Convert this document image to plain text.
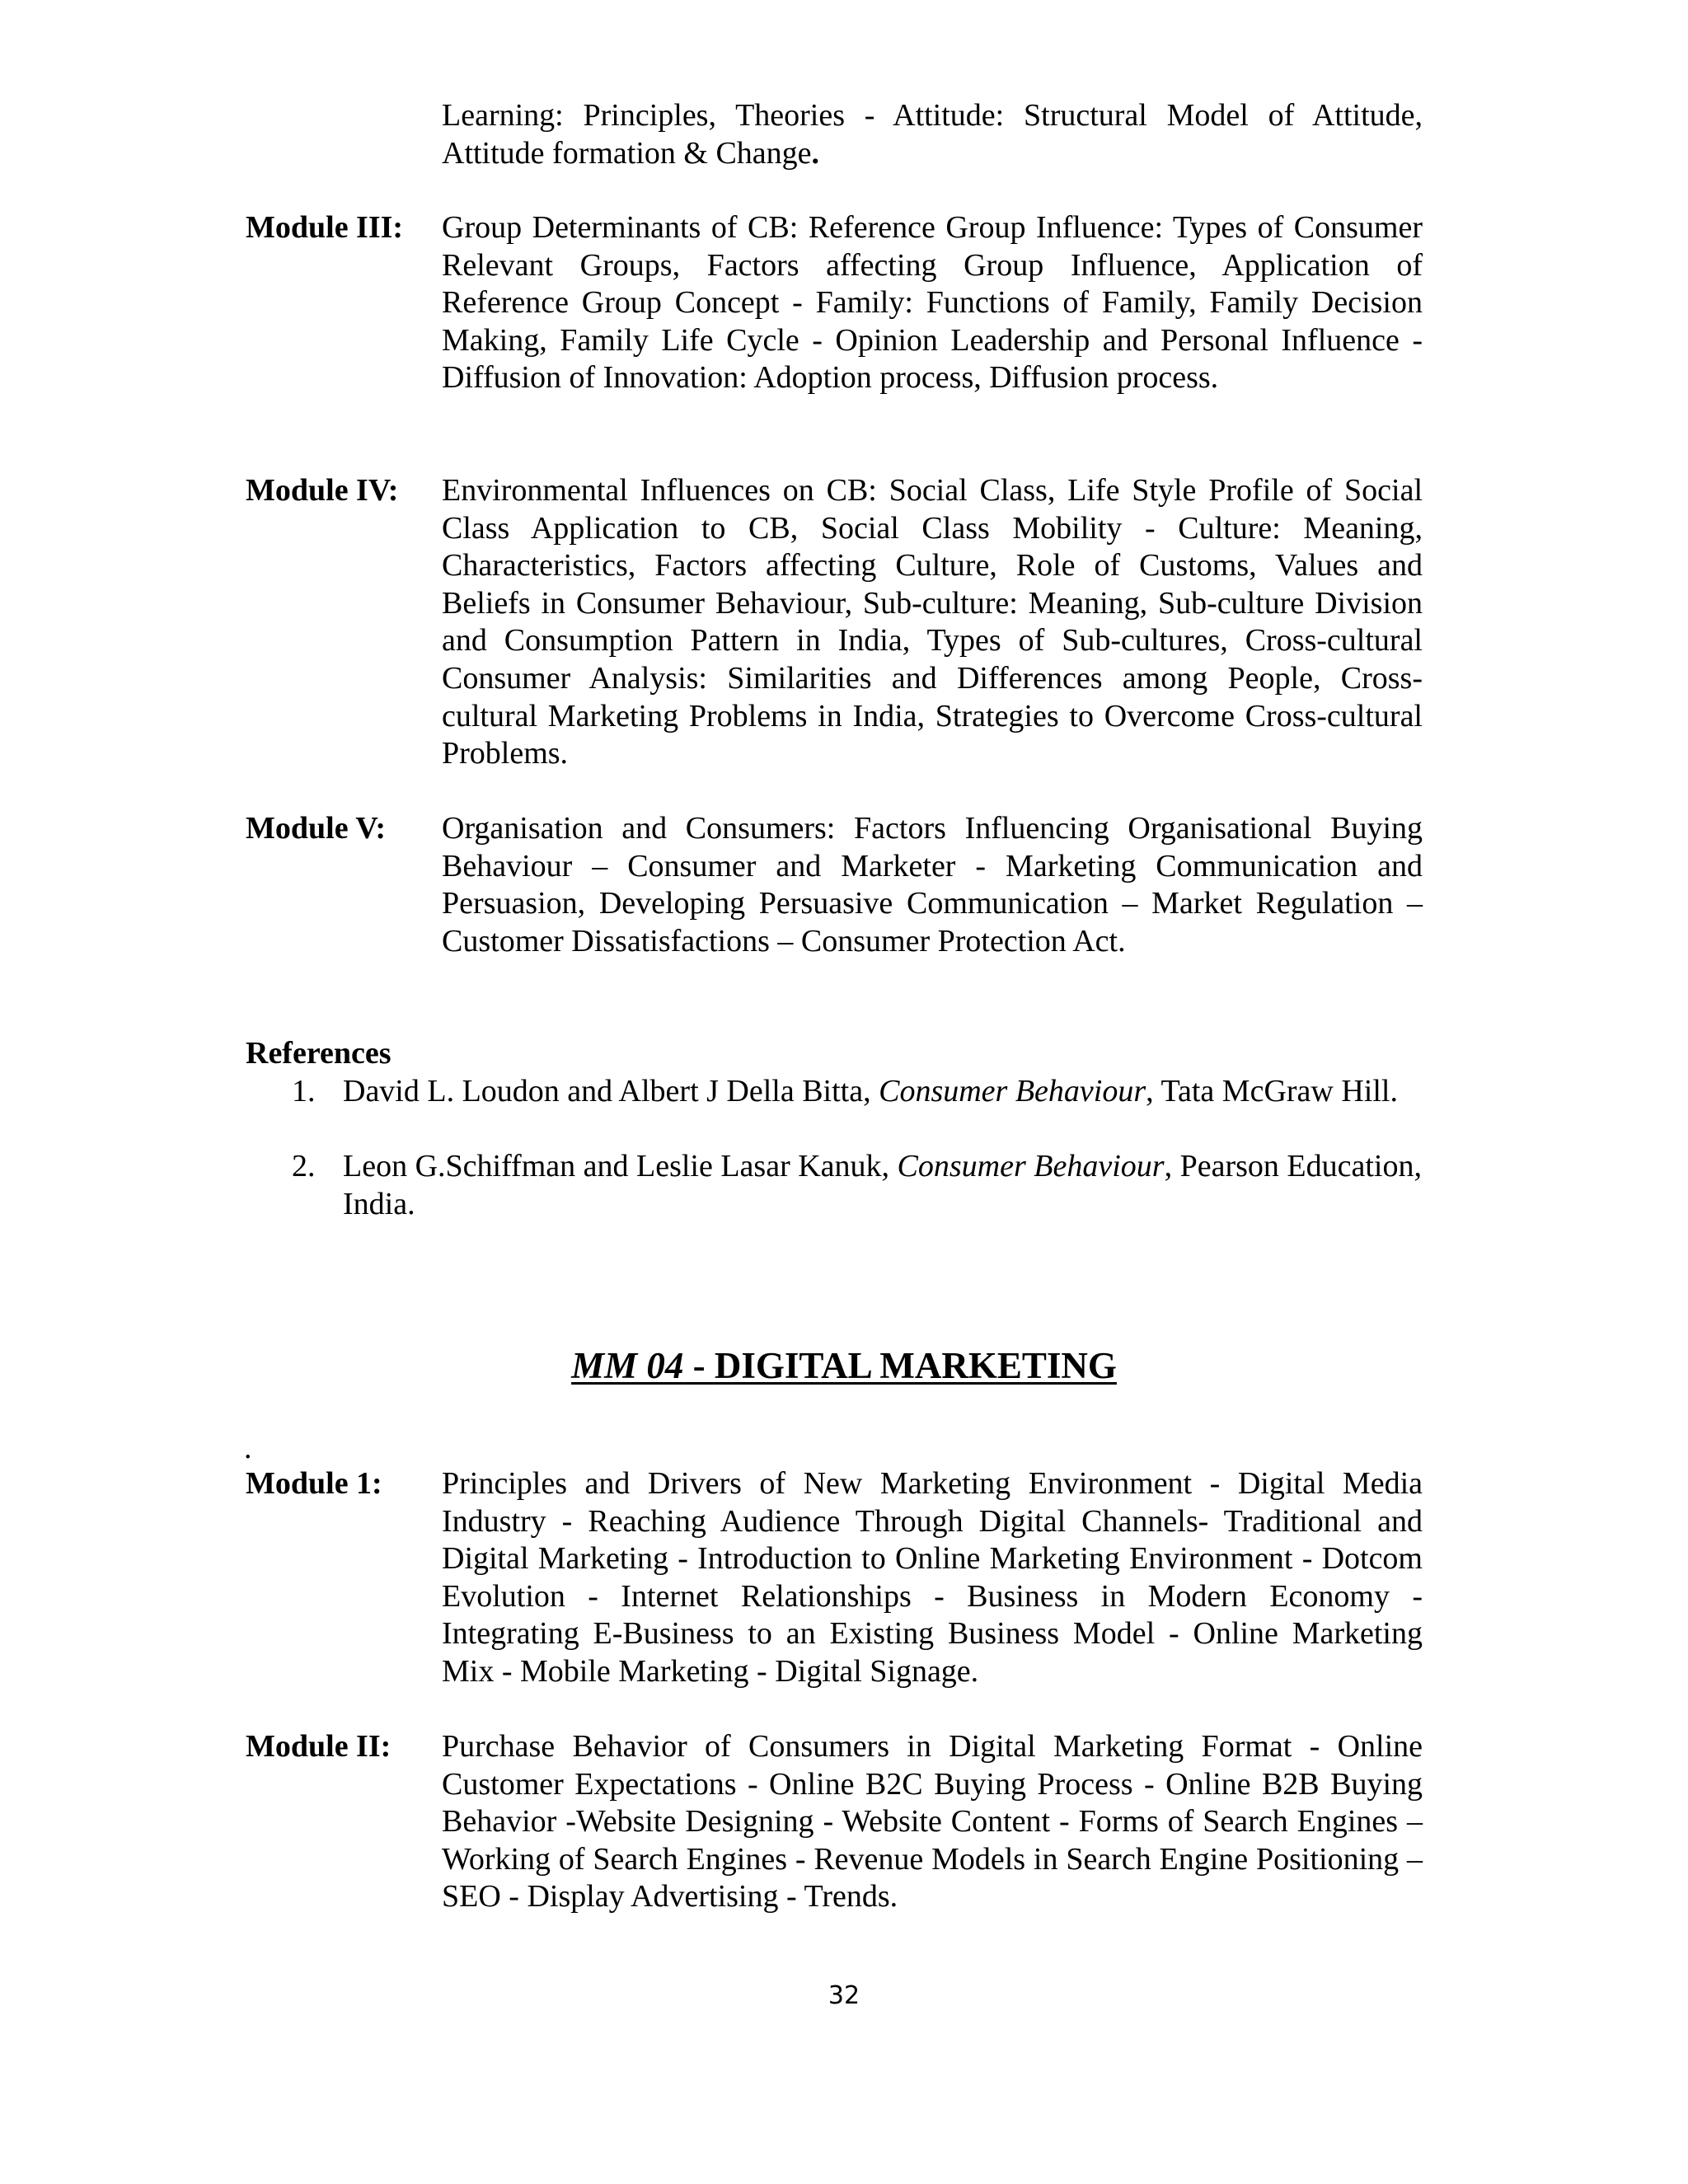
Learning: Principles, Theories - Attitude: Structural Model of Attitude, Attitude formation & Change.
Module III: Group Determinants of CB: Reference Group Influence: Types of Consumer Relevant Groups, Factors affecting Group Influence, Application of Reference Group Concept - Family: Functions of Family, Family Decision Making, Family Life Cycle - Opinion Leadership and Personal Influence - Diffusion of Innovation: Adoption process, Diffusion process.
Module IV: Environmental Influences on CB: Social Class, Life Style Profile of Social Class Application to CB, Social Class Mobility - Culture: Meaning, Characteristics, Factors affecting Culture, Role of Customs, Values and Beliefs in Consumer Behaviour, Sub-culture: Meaning, Sub-culture Division and Consumption Pattern in India, Types of Sub-cultures, Cross-cultural Consumer Analysis: Similarities and Differences among People, Cross-cultural Marketing Problems in India, Strategies to Overcome Cross-cultural Problems.
Module V: Organisation and Consumers: Factors Influencing Organisational Buying Behaviour – Consumer and Marketer - Marketing Communication and Persuasion, Developing Persuasive Communication – Market Regulation – Customer Dissatisfactions – Consumer Protection Act.
References
1. David L. Loudon and Albert J Della Bitta, Consumer Behaviour, Tata McGraw Hill.
2. Leon G.Schiffman and Leslie Lasar Kanuk, Consumer Behaviour, Pearson Education, India.
MM 04 - DIGITAL MARKETING
.
Module 1: Principles and Drivers of New Marketing Environment - Digital Media Industry - Reaching Audience Through Digital Channels- Traditional and Digital Marketing - Introduction to Online Marketing Environment - Dotcom Evolution - Internet Relationships - Business in Modern Economy - Integrating E-Business to an Existing Business Model - Online Marketing Mix - Mobile Marketing - Digital Signage.
Module II: Purchase Behavior of Consumers in Digital Marketing Format - Online Customer Expectations - Online B2C Buying Process - Online B2B Buying Behavior -Website Designing - Website Content - Forms of Search Engines – Working of Search Engines - Revenue Models in Search Engine Positioning – SEO - Display Advertising - Trends.
32
